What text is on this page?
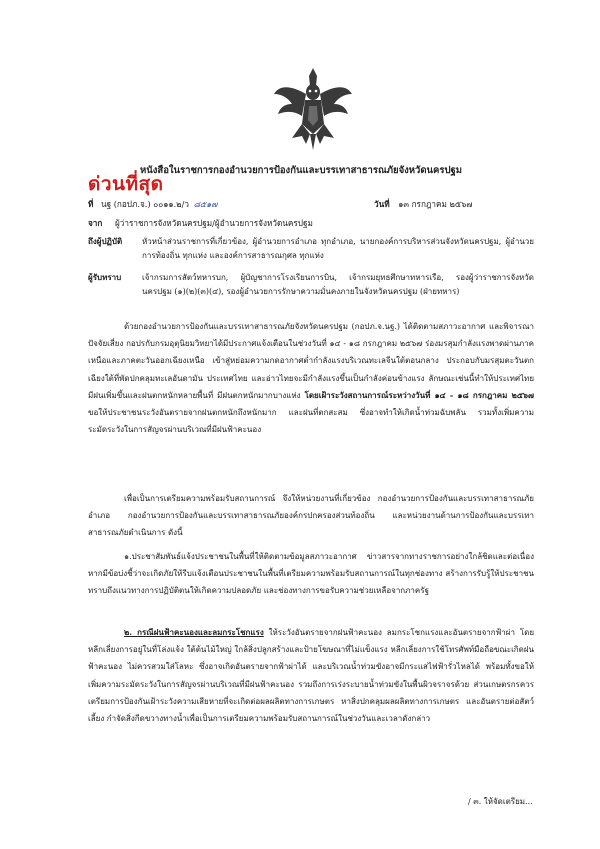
หนังสือในราชการกองอำนวยการป้องกันและบรรเทาสาธารณภัยจังหวัดนครปฐม
ด่วนที่สุด
ที่ นฐ (กอปภ.จ.) ๐๐๑๑.๒/ว ๘๕๑๗	วันที่ ๑๓ กรกฎาคม ๒๕๖๗
จาก ผู้ว่าราชการจังหวัดนครปฐม/ผู้อำนวยการจังหวัดนครปฐม
ถึงผู้ปฏิบัติ หัวหน้าส่วนราชการที่เกี่ยวข้อง, ผู้อำนวยการอำเภอ ทุกอำเภอ, นายกองค์การบริหารส่วนจังหวัดนครปฐม, ผู้อำนวยการท้องถิ่น ทุกแห่ง และองค์การสาธารณกุศล ทุกแห่ง
ผู้รับทราบ	เจ้ากรมการสัตว์ทหารบก, ผู้บัญชาการโรงเรียนการบิน, เจ้ากรมยุทธศึกษาทหารเรือ, รองผู้ว่าราชการจังหวัดนครปฐม (๑)(๒)(๓)(๔), รองผู้อำนวยการรักษาความมั่นคงภายในจังหวัดนครปฐม (ฝ่ายทหาร)
ด้วยกองอำนวยการป้องกันและบรรเทาสาธารณภัยจังหวัดนครปฐม (กอปภ.จ.นฐ.) ได้ติดตามสภาวะอากาศ และพิจารณาปัจจัยเสี่ยง กอปรกับกรมอุตุนิยมวิทยาได้มีประกาศแจ้งเตือนในช่วงวันที่ ๑๔ - ๑๘ กรกฎาคม ๒๕๖๗ ร่องมรสุมกำลังแรงพาดผ่านภาคเหนือและภาคตะวันออกเฉียงเหนือ เข้าสู่หย่อมความกดอากาศต่ำกำลังแรงบริเวณทะเลจีนใต้ตอนกลาง ประกอบกับมรสุมตะวันตกเฉียงใต้ที่พัดปกคลุมทะเลอันดามัน ประเทศไทย และอ่าวไทยจะมีกำลังแรงขึ้นเป็นกำลังค่อนข้างแรง ลักษณะเช่นนี้ทำให้ประเทศไทยมีฝนเพิ่มขึ้นและฝนตกหนักหลายพื้นที่ มีฝนตกหนักมากบางแห่ง โดยเฝ้าระวังสถานการณ์ระหว่างวันที่ ๑๔ - ๑๘ กรกฎาคม ๒๕๖๗ ขอให้ประชาชนระวังอันตรายจากฝนตกหนักถึงหนักมาก และฝนที่ตกสะสม ซึ่งอาจทำให้เกิดน้ำท่วมฉับพลัน รวมทั้งเพิ่มความระมัดระวังในการสัญจรผ่านบริเวณที่มีฝนฟ้าคะนอง
เพื่อเป็นการเตรียมความพร้อมรับสถานการณ์ จึงให้หน่วยงานที่เกี่ยวข้อง กองอำนวยการป้องกันและบรรเทาสาธารณภัยอำเภอ กองอำนวยการป้องกันและบรรเทาสาธารณภัยองค์กรปกครองส่วนท้องถิ่น และหน่วยงานด้านการป้องกันและบรรเทาสาธารณภัยดำเนินการ ดังนี้
๑.ประชาสัมพันธ์แจ้งประชาชนในพื้นที่ให้ติดตามข้อมูลสภาวะอากาศ ข่าวสารจากทางราชการอย่างใกล้ชิดและต่อเนื่อง หากมีข้อบ่งชี้ว่าจะเกิดภัยให้รีบแจ้งเตือนประชาชนในพื้นที่เตรียมความพร้อมรับสถานการณ์ในทุกช่องทาง สร้างการรับรู้ให้ประชาชนทราบถึงแนวทางการปฏิบัติตนให้เกิดความปลอดภัย และช่องทางการขอรับความช่วยเหลือจากภาครัฐ
๒. กรณีฝนฟ้าคะนองและลมกระโชกแรง ให้ระวังอันตรายจากฝนฟ้าคะนอง ลมกระโชกแรงและอันตรายจากฟ้าผ่า โดยหลีกเลี่ยงการอยู่ในที่โล่งแจ้ง ใต้ต้นไม้ใหญ่ ใกล้สิ่งปลูกสร้างและป้ายโฆษณาที่ไม่แข็งแรง หลีกเลี่ยงการใช้โทรศัพท์มือถือขณะเกิดฝนฟ้าคะนอง ไม่ควรสวมใส่โลหะ ซึ่งอาจเกิดอันตรายจากฟ้าผ่าได้ และบริเวณน้ำท่วมขังอาจมีกระแสไฟฟ้ารั่วไหลได้ พร้อมทั้งขอให้เพิ่มความระมัดระวังในการสัญจรผ่านบริเวณที่มีฝนฟ้าคะนอง รวมถึงการเร่งระบายน้ำท่วมขังในพื้นผิวจราจรด้วย ส่วนเกษตรกรควรเตรียมการป้องกันเฝ้าระวังความเสียหายที่จะเกิดต่อผลผลิตทางการเกษตร หาสิ่งปกคลุมผลผลิตทางการเกษตร และอันตรายต่อสัตว์เลี้ยง กำจัดสิ่งกีดขวางทางน้ำเพื่อเป็นการเตรียมความพร้อมรับสถานการณ์ในช่วงวันและเวลาดังกล่าว
/ ๓. ให้จัดเตรียม...
